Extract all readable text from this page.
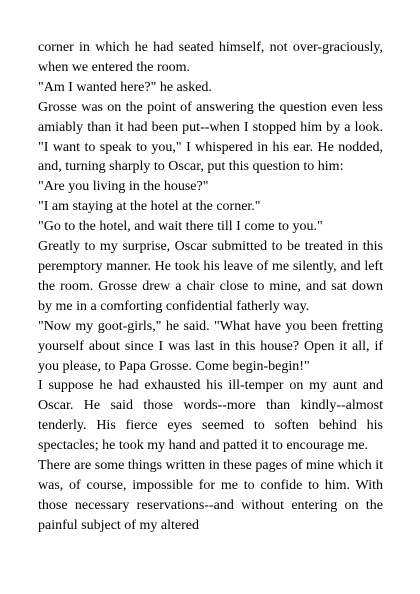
corner in which he had seated himself, not over-graciously, when we entered the room.

"Am I wanted here?" he asked.

Grosse was on the point of answering the question even less amiably than it had been put--when I stopped him by a look. "I want to speak to you," I whispered in his ear. He nodded, and, turning sharply to Oscar, put this question to him:

"Are you living in the house?"

"I am staying at the hotel at the corner."

"Go to the hotel, and wait there till I come to you."

Greatly to my surprise, Oscar submitted to be treated in this peremptory manner. He took his leave of me silently, and left the room. Grosse drew a chair close to mine, and sat down by me in a comforting confidential fatherly way.

"Now my goot-girls," he said. "What have you been fretting yourself about since I was last in this house? Open it all, if you please, to Papa Grosse. Come begin-begin!"

I suppose he had exhausted his ill-temper on my aunt and Oscar. He said those words--more than kindly--almost tenderly. His fierce eyes seemed to soften behind his spectacles; he took my hand and patted it to encourage me.

There are some things written in these pages of mine which it was, of course, impossible for me to confide to him. With those necessary reservations--and without entering on the painful subject of my altered
